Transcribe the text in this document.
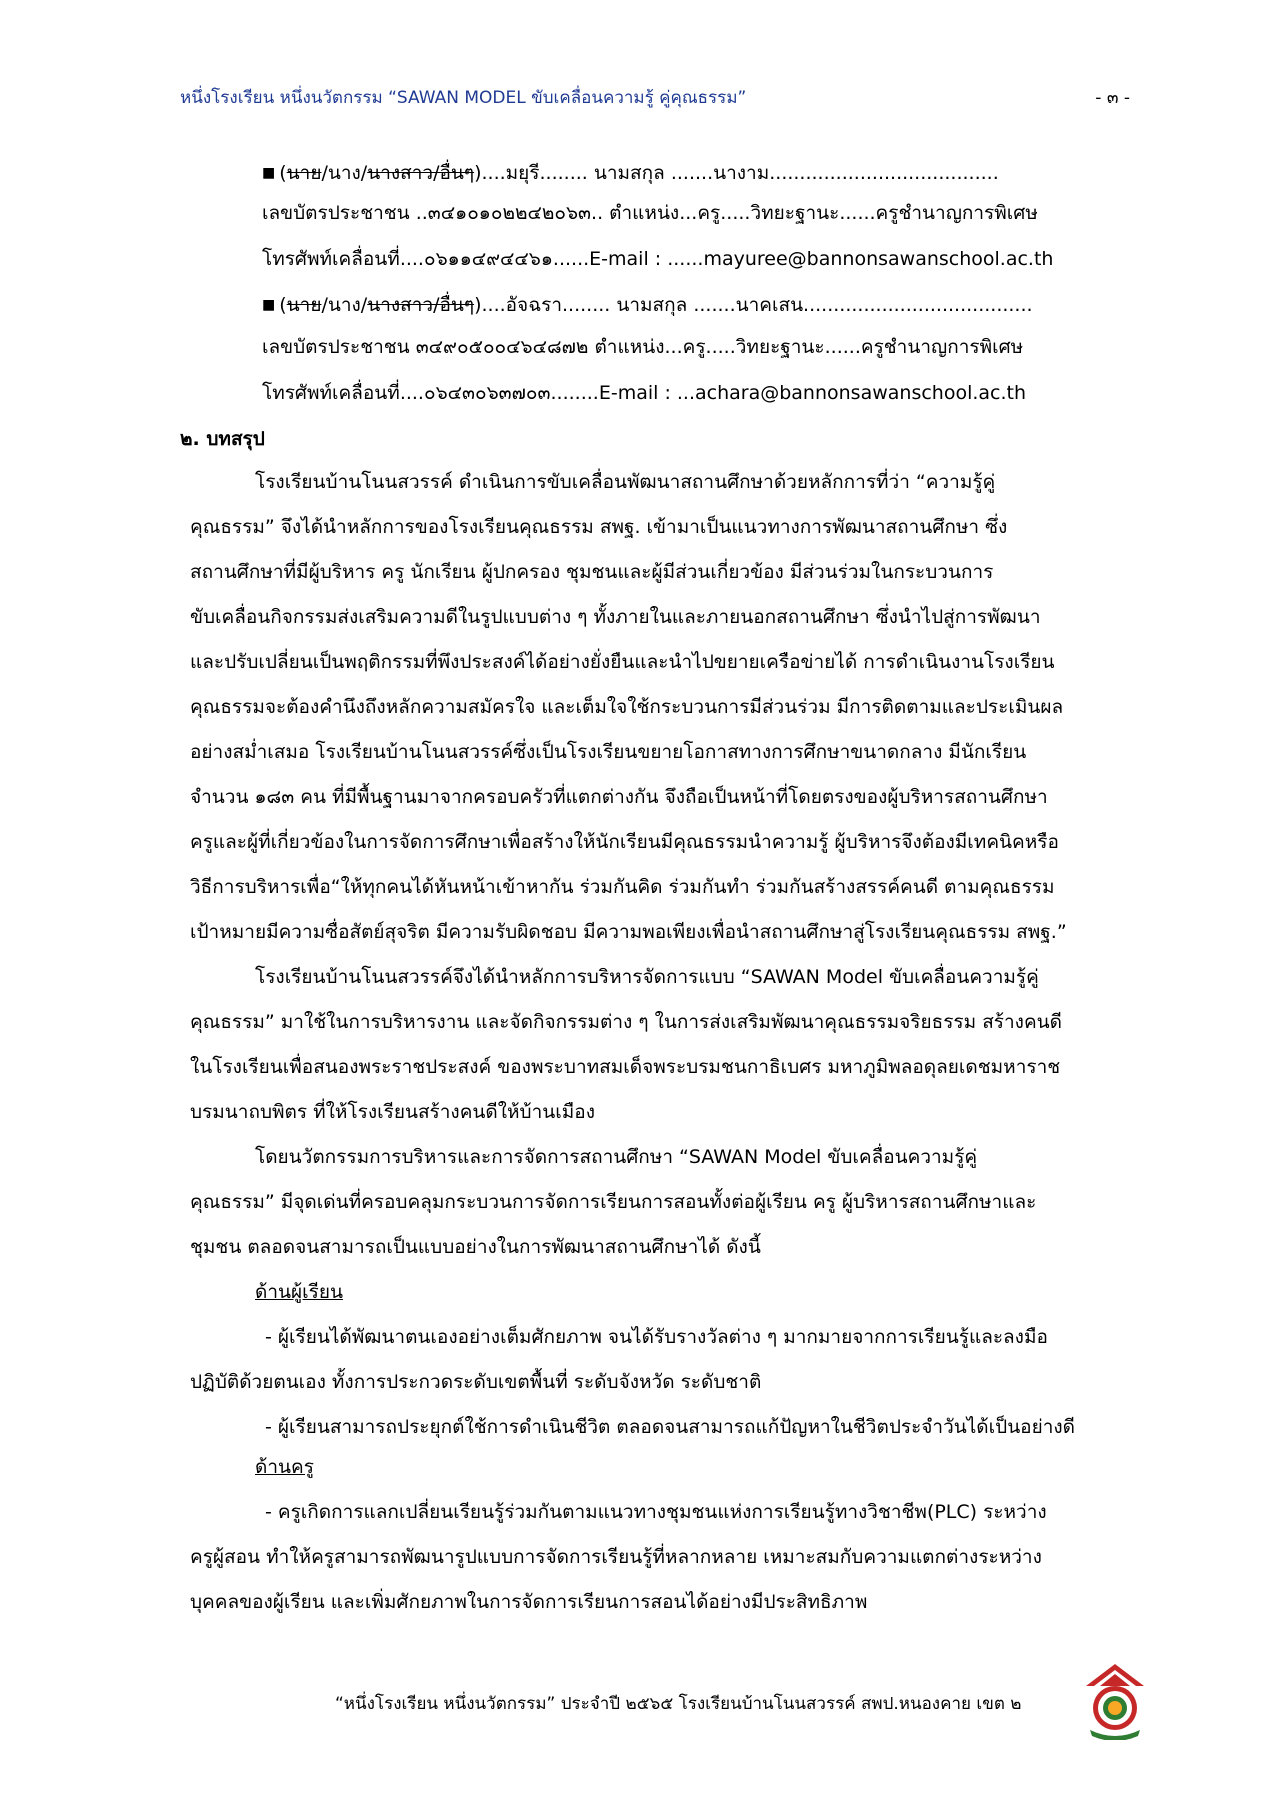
หนึ่งโรงเรียน หนึ่งนวัตกรรม “SAWAN MODEL ขับเคลื่อนความรู้ คู่คุณธรรม”	- ๓ -
■ (นาย/นาง/นางสาว/อื่นๆ)....มยุรี........ นามสกุล .......นางาม......................................
เลขบัตรประชาชน ..๓๔๑๐๑๐๒๒๔๒๐๖๓.. ตำแหน่ง...ครู.....วิทยะฐานะ......ครูชำนาญการพิเศษ
โทรศัพท์เคลื่อนที่....๐๖๑๑๔๙๔๔๖๑......E-mail : ......mayuree@bannonsawanschool.ac.th
■ (นาย/นาง/นางสาว/อื่นๆ)....อัจฉรา........ นามสกุล .......นาคเสน......................................
เลขบัตรประชาชน ๓๔๙๐๕๐๐๔๖๔๘๗๒ ตำแหน่ง...ครู.....วิทยะฐานะ......ครูชำนาญการพิเศษ
โทรศัพท์เคลื่อนที่....๐๖๔๓๐๖๓๗๐๓........E-mail : ...achara@bannonsawanschool.ac.th
๒. บทสรุป
โรงเรียนบ้านโนนสวรรค์ ดำเนินการขับเคลื่อนพัฒนาสถานศึกษาด้วยหลักการที่ว่า “ความรู้คู่
คุณธรรม” จึงได้นำหลักการของโรงเรียนคุณธรรม สพฐ. เข้ามาเป็นแนวทางการพัฒนาสถานศึกษา ซึ่ง
สถานศึกษาที่มีผู้บริหาร ครู นักเรียน ผู้ปกครอง ชุมชนและผู้มีส่วนเกี่ยวข้อง มีส่วนร่วมในกระบวนการ
ขับเคลื่อนกิจกรรมส่งเสริมความดีในรูปแบบต่าง ๆ ทั้งภายในและภายนอกสถานศึกษา ซึ่งนำไปสู่การพัฒนา
และปรับเปลี่ยนเป็นพฤติกรรมที่พึงประสงค์ได้อย่างยั่งยืนและนำไปขยายเครือข่ายได้ การดำเนินงานโรงเรียน
คุณธรรมจะต้องคำนึงถึงหลักความสมัครใจ และเต็มใจใช้กระบวนการมีส่วนร่วม มีการติดตามและประเมินผล
อย่างสม่ำเสมอ โรงเรียนบ้านโนนสวรรค์ซึ่งเป็นโรงเรียนขยายโอกาสทางการศึกษาขนาดกลาง มีนักเรียน
จำนวน ๑๘๓ คน ที่มีพื้นฐานมาจากครอบครัวที่แตกต่างกัน จึงถือเป็นหน้าที่โดยตรงของผู้บริหารสถานศึกษา
ครูและผู้ที่เกี่ยวข้องในการจัดการศึกษาเพื่อสร้างให้นักเรียนมีคุณธรรมนำความรู้ ผู้บริหารจึงต้องมีเทคนิคหรือ
วิธีการบริหารเพื่อ“ให้ทุกคนได้หันหน้าเข้าหากัน ร่วมกันคิด ร่วมกันทำ ร่วมกันสร้างสรรค์คนดี ตามคุณธรรม
เป้าหมายมีความซื่อสัตย์สุจริต มีความรับผิดชอบ มีความพอเพียงเพื่อนำสถานศึกษาสู่โรงเรียนคุณธรรม สพฐ.”
โรงเรียนบ้านโนนสวรรค์จึงได้นำหลักการบริหารจัดการแบบ “SAWAN Model ขับเคลื่อนความรู้คู่
คุณธรรม” มาใช้ในการบริหารงาน และจัดกิจกรรมต่าง ๆ ในการส่งเสริมพัฒนาคุณธรรมจริยธรรม สร้างคนดี
ในโรงเรียนเพื่อสนองพระราชประสงค์ ของพระบาทสมเด็จพระบรมชนกาธิเบศร มหาภูมิพลอดุลยเดชมหาราช
บรมนาถบพิตร ที่ให้โรงเรียนสร้างคนดีให้บ้านเมือง
โดยนวัตกรรมการบริหารและการจัดการสถานศึกษา “SAWAN Model ขับเคลื่อนความรู้คู่
คุณธรรม” มีจุดเด่นที่ครอบคลุมกระบวนการจัดการเรียนการสอนทั้งต่อผู้เรียน ครู ผู้บริหารสถานศึกษาและ
ชุมชน ตลอดจนสามารถเป็นแบบอย่างในการพัฒนาสถานศึกษาได้ ดังนี้
ด้านผู้เรียน
- ผู้เรียนได้พัฒนาตนเองอย่างเต็มศักยภาพ จนได้รับรางวัลต่าง ๆ มากมายจากการเรียนรู้และลงมือ
ปฏิบัติด้วยตนเอง ทั้งการประกวดระดับเขตพื้นที่ ระดับจังหวัด ระดับชาติ
- ผู้เรียนสามารถประยุกต์ใช้การดำเนินชีวิต ตลอดจนสามารถแก้ปัญหาในชีวิตประจำวันได้เป็นอย่างดี
ด้านครู
- ครูเกิดการแลกเปลี่ยนเรียนรู้ร่วมกันตามแนวทางชุมชนแห่งการเรียนรู้ทางวิชาชีพ(PLC) ระหว่าง
ครูผู้สอน ทำให้ครูสามารถพัฒนารูปแบบการจัดการเรียนรู้ที่หลากหลาย เหมาะสมกับความแตกต่างระหว่าง
บุคคลของผู้เรียน และเพิ่มศักยภาพในการจัดการเรียนการสอนได้อย่างมีประสิทธิภาพ
“หนึ่งโรงเรียน หนึ่งนวัตกรรม” ประจำปี ๒๕๖๕ โรงเรียนบ้านโนนสวรรค์ สพป.หนองคาย เขต ๒
